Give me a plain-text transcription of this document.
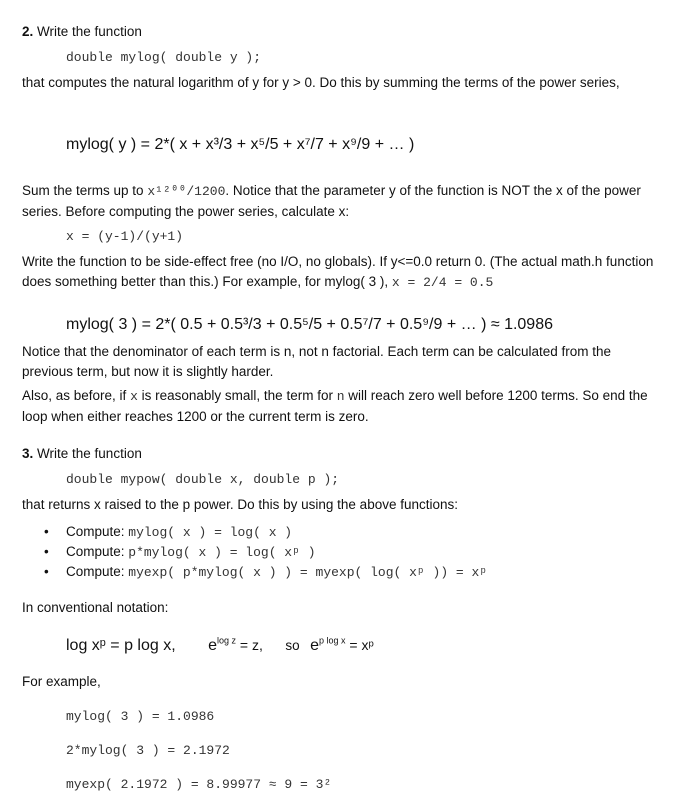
2. Write the function
double mylog( double y );
that computes the natural logarithm of y for y > 0. Do this by summing the terms of the power series,
mylog( y ) = 2*( x + x³/3 + x⁵/5 + x⁷/7 + x⁹/9 + … )
Sum the terms up to x¹²⁰⁰/1200. Notice that the parameter y of the function is NOT the x of the power series. Before computing the power series, calculate x:
x = (y-1)/(y+1)
Write the function to be side-effect free (no I/O, no globals). If y<=0.0 return 0. (The actual math.h function does something better than this.) For example, for mylog( 3 ), x = 2/4 = 0.5
mylog( 3 ) = 2*( 0.5 + 0.5³/3 + 0.5⁵/5 + 0.5⁷/7 + 0.5⁹/9 + … ) ≈ 1.0986
Notice that the denominator of each term is n, not n factorial. Each term can be calculated from the previous term, but now it is slightly harder.
Also, as before, if x is reasonably small, the term for n will reach zero well before 1200 terms. So end the loop when either reaches 1200 or the current term is zero.
3. Write the function
double mypow( double x, double p );
that returns x raised to the p power. Do this by using the above functions:
• Compute: mylog( x ) = log( x )
• Compute: p*mylog( x ) = log( xᵖ )
• Compute: myexp( p*mylog( x ) ) = myexp( log( xᵖ )) = xᵖ
In conventional notation:
log xᵖ = p log x, $e^{log z} = z$, so $e^{p log x}$ = xᵖ
For example,
mylog( 3 ) = 1.0986
2*mylog( 3 ) = 2.1972
myexp( 2.1972 ) = 8.99977 ≈ 9 = 3²
